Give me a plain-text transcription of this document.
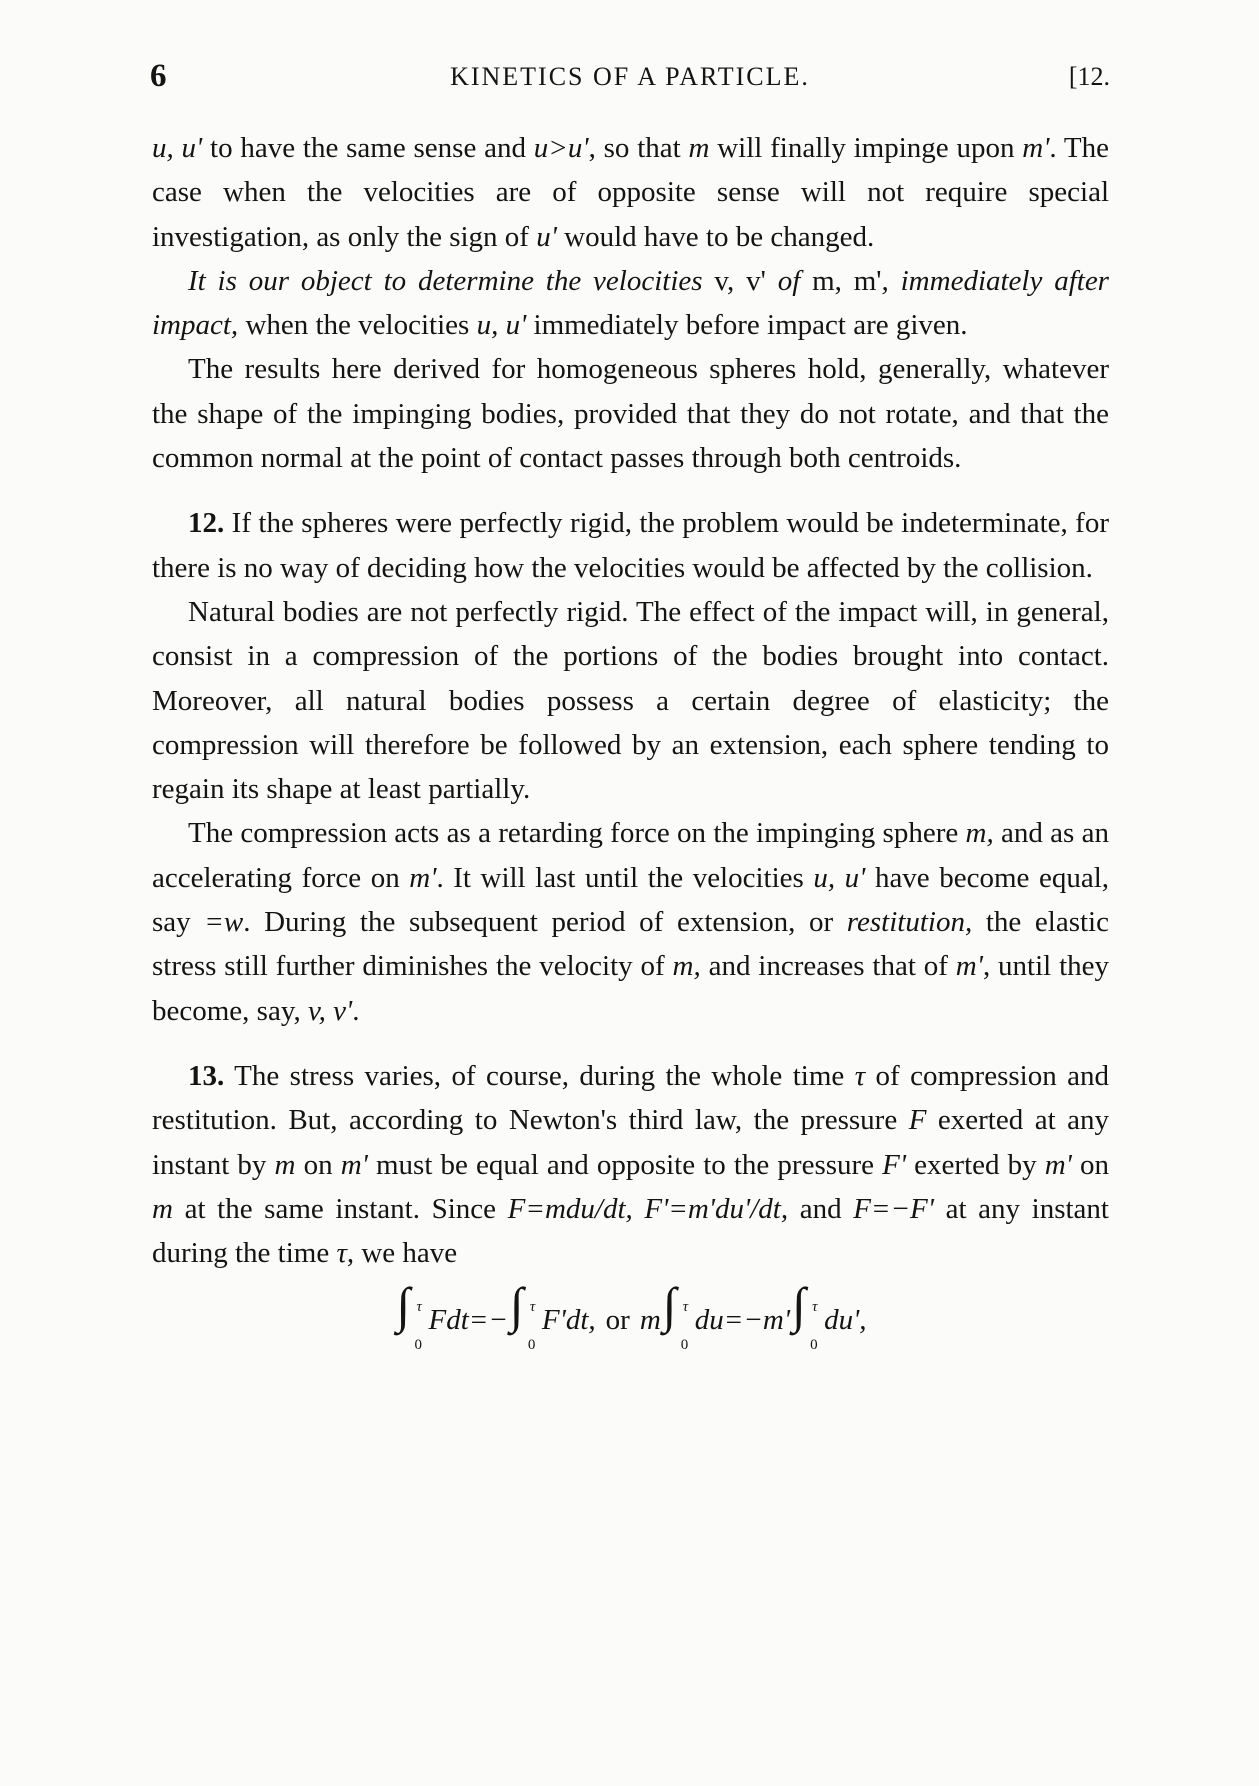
6	KINETICS OF A PARTICLE.	[12.

u, u' to have the same sense and u>u', so that m will finally impinge upon m'. The case when the velocities are of opposite sense will not require special investigation, as only the sign of u' would have to be changed.

It is our object to determine the velocities v, v' of m, m', immediately after impact, when the velocities u, u' immediately before impact are given.

The results here derived for homogeneous spheres hold, generally, whatever the shape of the impinging bodies, provided that they do not rotate, and that the common normal at the point of contact passes through both centroids.

12. If the spheres were perfectly rigid, the problem would be indeterminate, for there is no way of deciding how the velocities would be affected by the collision.

Natural bodies are not perfectly rigid. The effect of the impact will, in general, consist in a compression of the portions of the bodies brought into contact. Moreover, all natural bodies possess a certain degree of elasticity; the compression will therefore be followed by an extension, each sphere tending to regain its shape at least partially.

The compression acts as a retarding force on the impinging sphere m, and as an accelerating force on m'. It will last until the velocities u, u' have become equal, say =w. During the subsequent period of extension, or restitution, the elastic stress still further diminishes the velocity of m, and increases that of m', until they become, say, v, v'.

13. The stress varies, of course, during the whole time τ of compression and restitution. But, according to Newton's third law, the pressure F exerted at any instant by m on m' must be equal and opposite to the pressure F' exerted by m' on m at the same instant. Since F=mdu/dt, F'=m'du'/dt, and F=−F' at any instant during the time τ, we have

∫ τ
0
Fdt=− ∫ τ
0
F'dt, or m ∫ τ
0
du=−m' ∫ τ
0
du',
